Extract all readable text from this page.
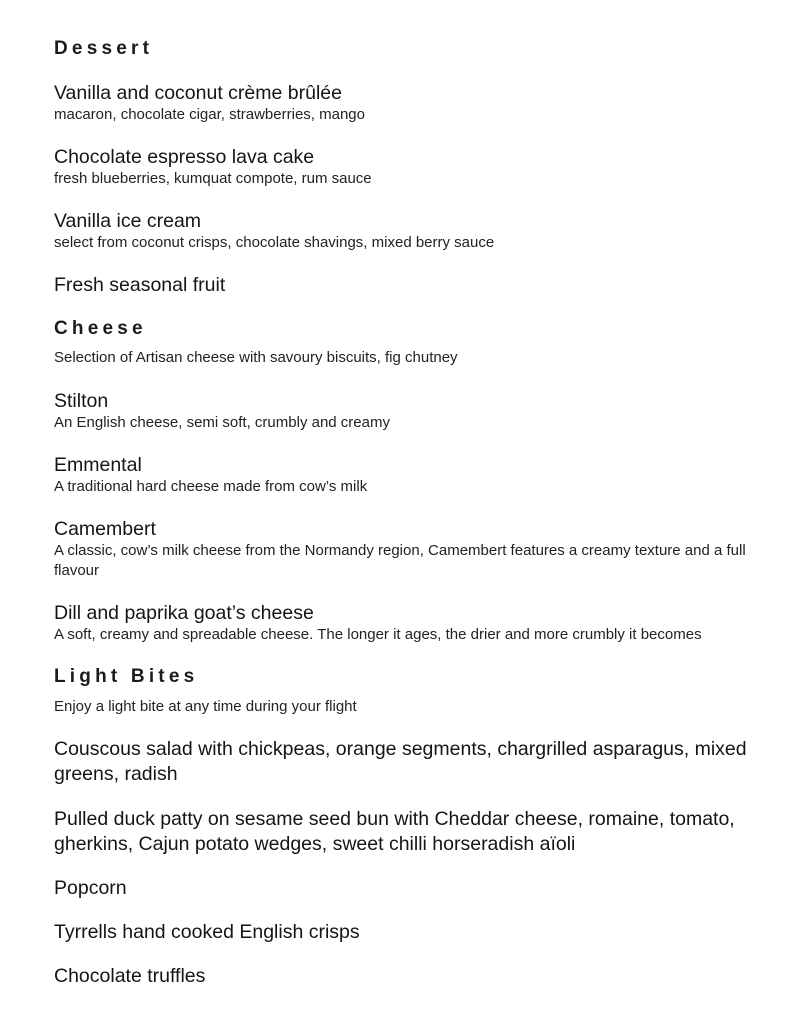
Dessert
Vanilla and coconut crème brûlée
macaron, chocolate cigar, strawberries, mango
Chocolate espresso lava cake
fresh blueberries, kumquat compote, rum sauce
Vanilla ice cream
select from coconut crisps, chocolate shavings, mixed berry sauce
Fresh seasonal fruit
Cheese
Selection of Artisan cheese with savoury biscuits, fig chutney
Stilton
An English cheese, semi soft, crumbly and creamy
Emmental
A traditional hard cheese made from cow’s milk
Camembert
A classic, cow’s milk cheese from the Normandy region, Camembert features a creamy texture and a full flavour
Dill and paprika goat’s cheese
A soft, creamy and spreadable cheese. The longer it ages, the drier and more crumbly it becomes
Light Bites
Enjoy a light bite at any time during your flight
Couscous salad with chickpeas, orange segments, chargrilled asparagus, mixed greens, radish
Pulled duck patty on sesame seed bun with Cheddar cheese, romaine, tomato, gherkins, Cajun potato wedges, sweet chilli horseradish aïoli
Popcorn
Tyrrells hand cooked English crisps
Chocolate truffles
